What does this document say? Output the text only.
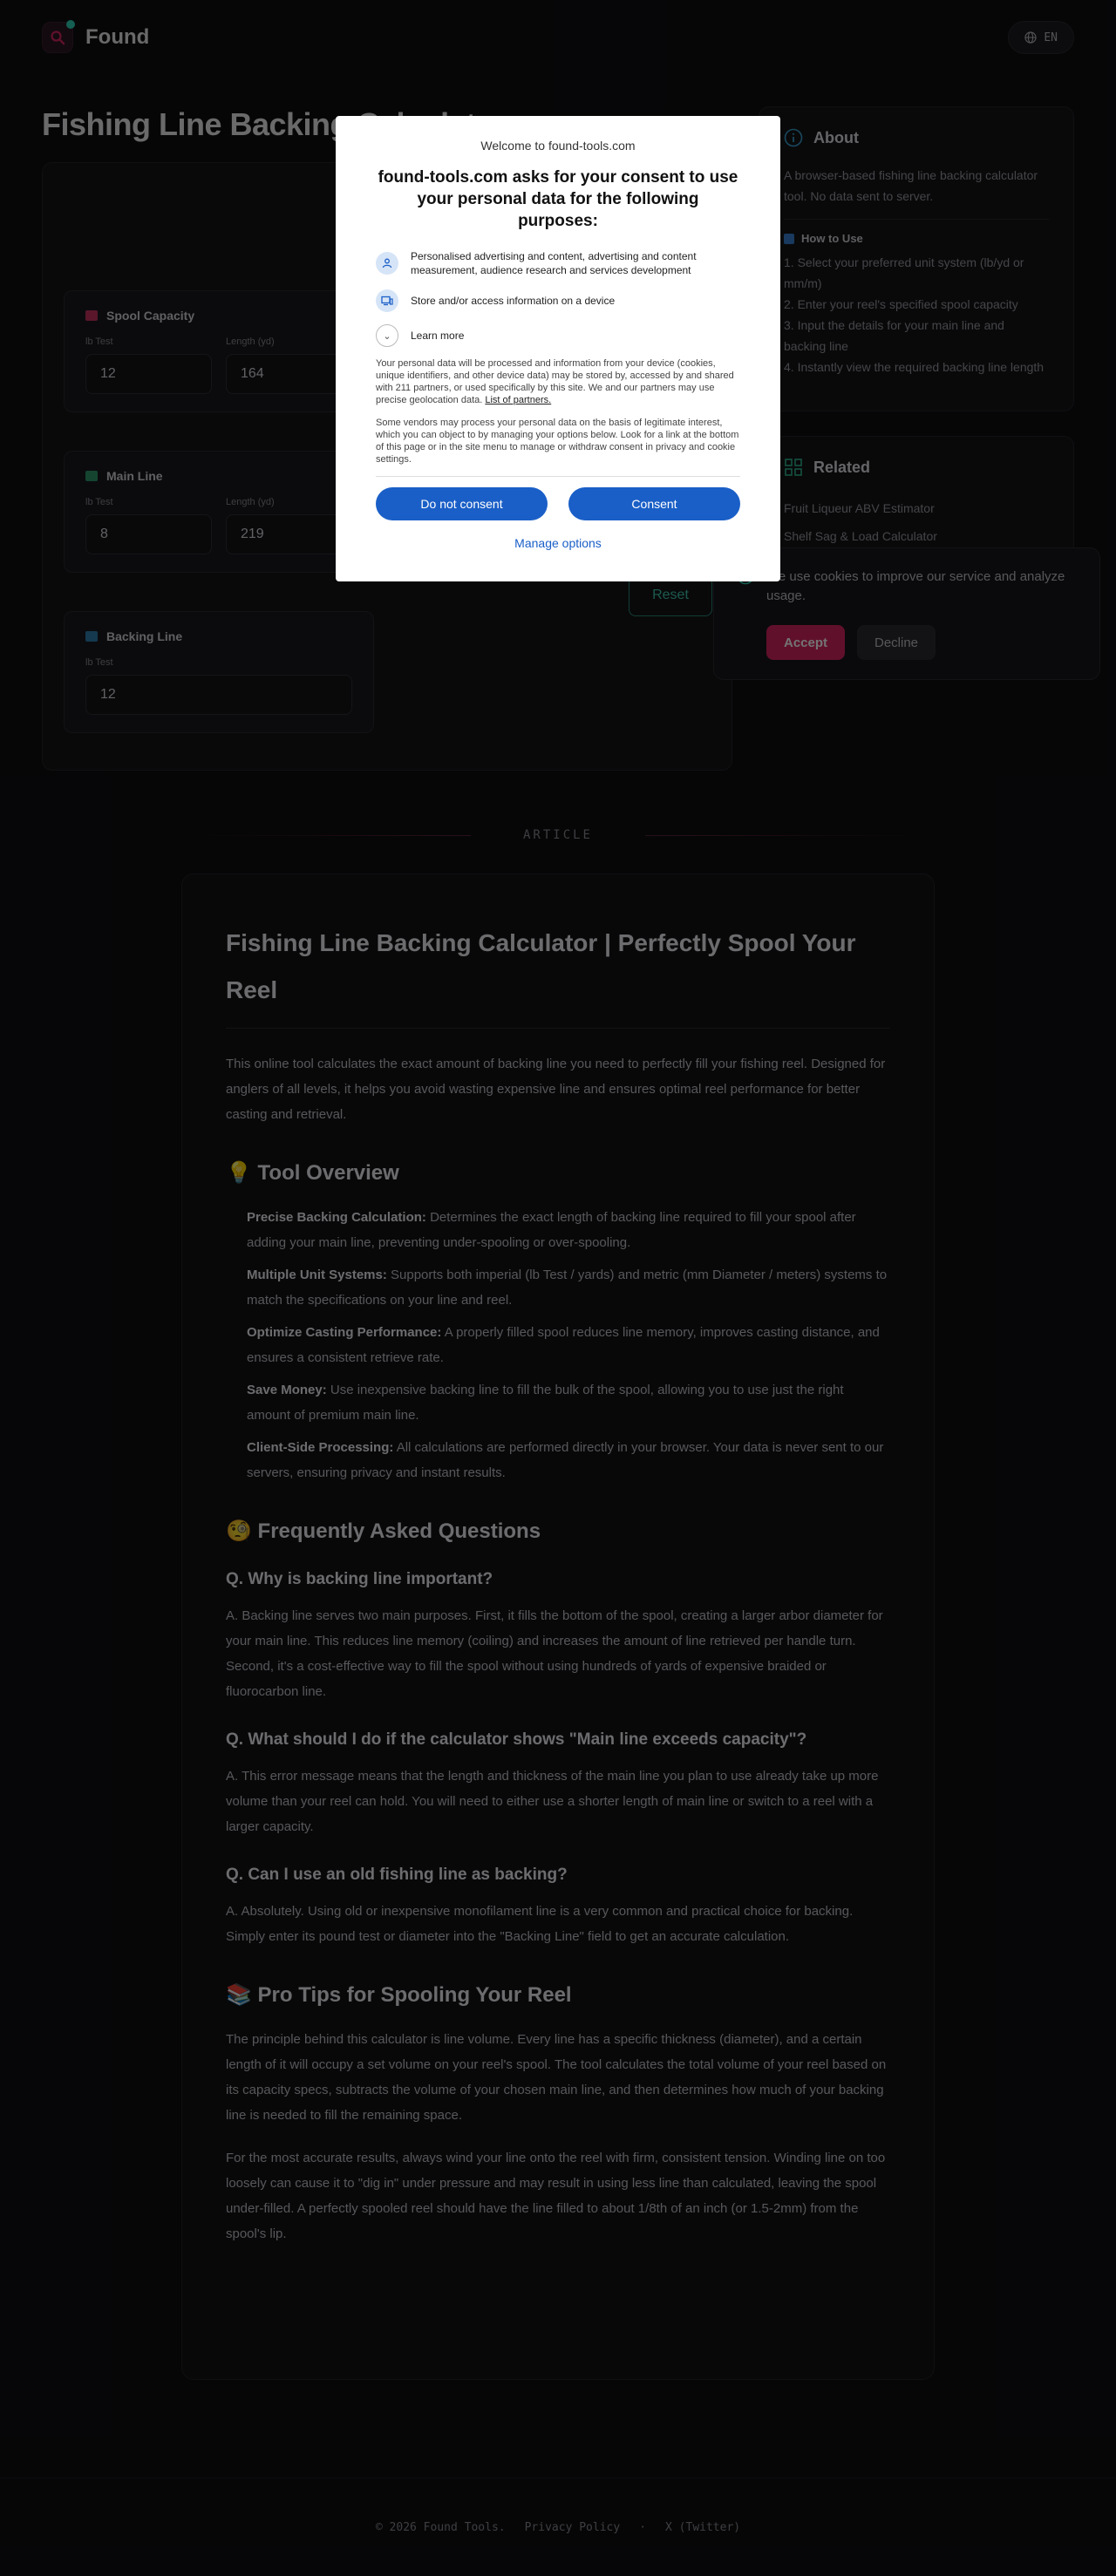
Welcome to found-tools.com
found-tools.com asks for your consent to use your personal data for the following purposes:
Personalised advertising and content, advertising and content measurement, audience research and services development
Store and/or access information on a device
⌄	Learn more
Your personal data will be processed and information from your device (cookies, unique identifiers, and other device data) may be stored by, accessed by and shared with 211 partners, or used specifically by this site. We and our partners may use precise geolocation data. List of partners.
Some vendors may process your personal data on the basis of legitimate interest, which you can object to by managing your options below. Look for a link at the bottom of this page or in the site menu to manage or withdraw consent in privacy and cookie settings.
Do not consent	Consent
Manage options
